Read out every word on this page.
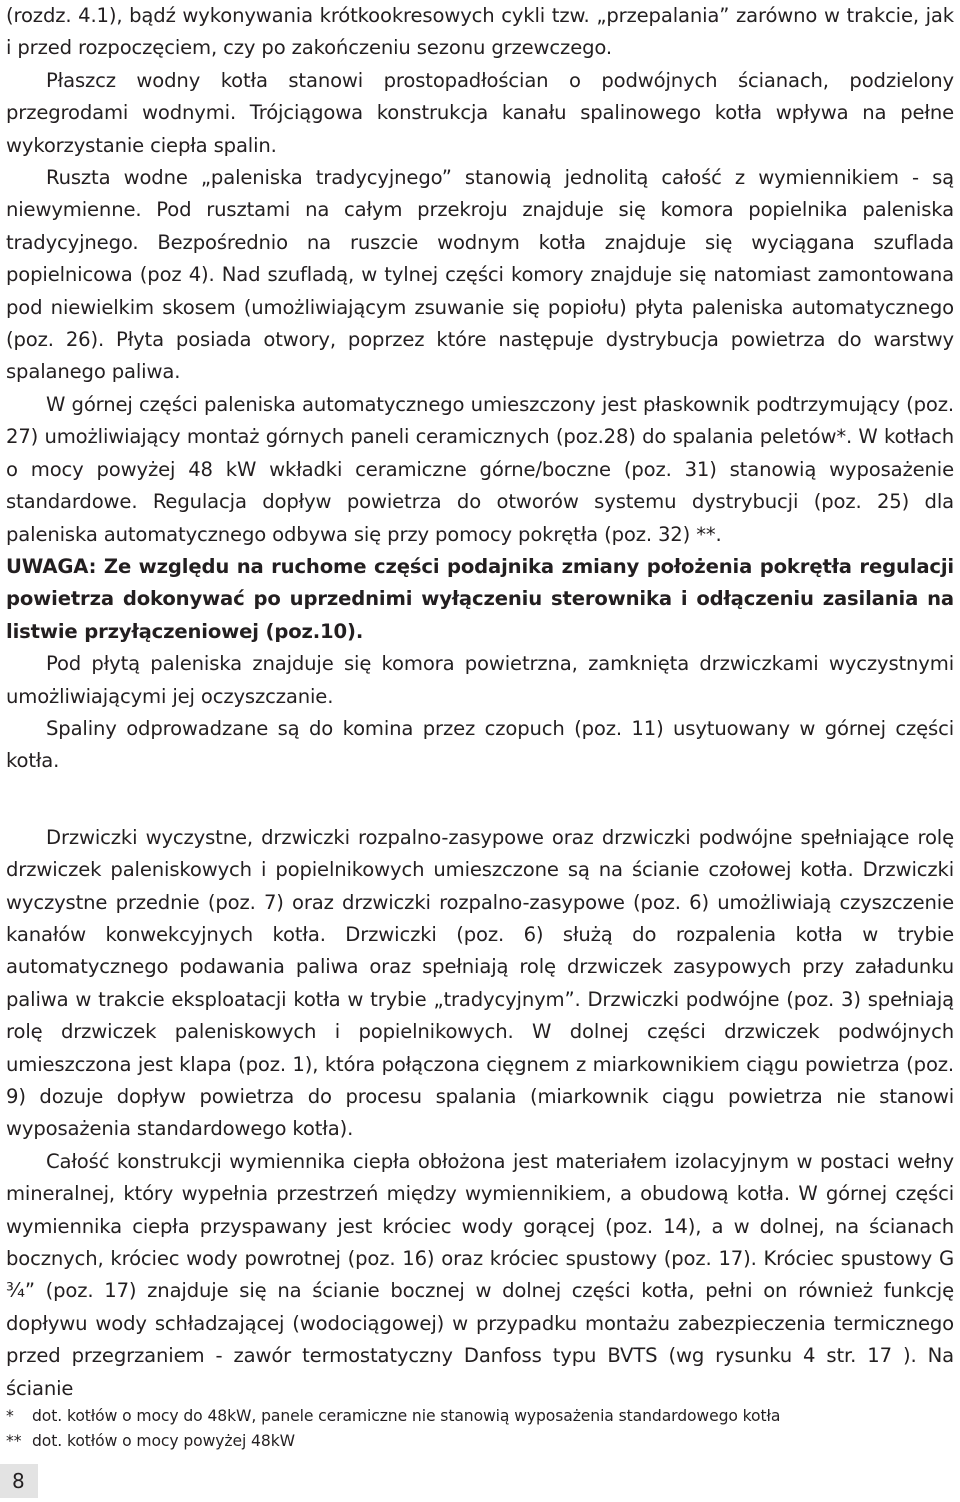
(rozdz. 4.1), bądź wykonywania krótkookresowych cykli tzw. „przepalania” zarówno w trakcie, jak i przed rozpoczęciem, czy po zakończeniu sezonu grzewczego.

Płaszcz wodny kotła stanowi prostopadłościan o podwójnych ścianach, podzielony przegrodami wodnymi. Trójciągowa konstrukcja kanału spalinowego kotła wpływa na pełne wykorzystanie ciepła spalin.

Ruszta wodne „paleniska tradycyjnego” stanowią jednolitą całość z wymiennikiem - są niewymienne. Pod rusztami na całym przekroju znajduje się komora popielnika paleniska tradycyjnego. Bezpośrednio na ruszcie wodnym kotła znajduje się wyciągana szuflada popielnicowa (poz 4). Nad szufladą, w tylnej części komory znajduje się natomiast zamontowana pod niewielkim skosem (umożliwiającym zsuwanie się popiołu) płyta paleniska automatycznego (poz. 26). Płyta posiada otwory, poprzez które następuje dystrybucja powietrza do warstwy spalanego paliwa.

W górnej części paleniska automatycznego umieszczony jest płaskownik podtrzymujący (poz. 27) umożliwiający montaż górnych paneli ceramicznych (poz.28) do spalania peletów*. W kotłach o mocy powyżej 48 kW wkładki ceramiczne górne/boczne (poz. 31) stanowią wyposażenie standardowe. Regulacja dopływ powietrza do otworów systemu dystrybucji (poz. 25) dla paleniska automatycznego odbywa się przy pomocy pokrętła (poz. 32) **.

UWAGA: Ze względu na ruchome części podajnika zmiany położenia pokrętła regulacji powietrza dokonywać po uprzednimi wyłączeniu sterownika i odłączeniu zasilania na listwie przyłączeniowej (poz.10).

Pod płytą paleniska znajduje się komora powietrzna, zamknięta drzwiczkami wyczystnymi umożliwiającymi jej oczyszczanie.

Spaliny odprowadzane są do komina przez czopuch (poz. 11) usytuowany w górnej części kotła.

Drzwiczki wyczystne, drzwiczki rozpalno-zasypowe oraz drzwiczki podwójne spełniające rolę drzwiczek paleniskowych i popielnikowych umieszczone są na ścianie czołowej kotła. Drzwiczki wyczystne przednie (poz. 7) oraz drzwiczki rozpalno-zasypowe (poz. 6) umożliwiają czyszczenie kanałów konwekcyjnych kotła. Drzwiczki (poz. 6) służą do rozpalenia kotła w trybie automatycznego podawania paliwa oraz spełniają rolę drzwiczek zasypowych przy załadunku paliwa w trakcie eksploatacji kotła w trybie „tradycyjnym”. Drzwiczki podwójne (poz. 3) spełniają rolę drzwiczek paleniskowych i popielnikowych. W dolnej części drzwiczek podwójnych umieszczona jest klapa (poz. 1), która połączona cięgnem z miarkownikiem ciągu powietrza (poz. 9) dozuje dopływ powietrza do procesu spalania (miarkownik ciągu powietrza nie stanowi wyposażenia standardowego kotła).

Całość konstrukcji wymiennika ciepła obłożona jest materiałem izolacyjnym w postaci wełny mineralnej, który wypełnia przestrzeń między wymiennikiem, a obudową kotła. W górnej części wymiennika ciepła przyspawany jest króciec wody gorącej (poz. 14), a w dolnej, na ścianach bocznych, króciec wody powrotnej (poz. 16) oraz króciec spustowy (poz. 17). Króciec spustowy G ¾” (poz. 17) znajduje się na ścianie bocznej w dolnej części kotła, pełni on również funkcję dopływu wody schładzającej (wodociągowej) w przypadku montażu zabezpieczenia termicznego przed przegrzaniem - zawór termostatyczny Danfoss typu BVTS (wg rysunku 4 str. 17 ). Na ścianie

*	dot. kotłów o mocy do 48kW, panele ceramiczne nie stanowią wyposażenia standardowego kotła
** dot. kotłów o mocy powyżej 48kW
8
